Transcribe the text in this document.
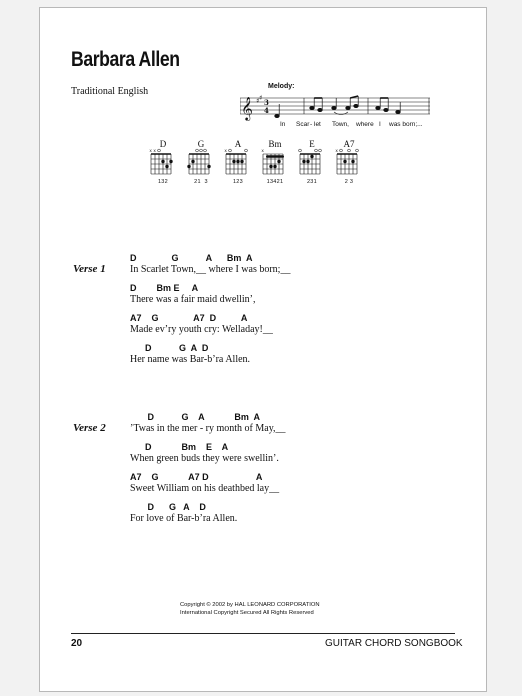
Barbara Allen
Traditional English	Melody:
𝄞 ♯ ♯ 3
4
In Scar - let Town, where I was born;...
D
x x
132
G
21  3
A
x
123
Bm
x
13421
E
231
A7
x
2 3
Verse 1
D              G           A      Bm  A
In Scarlet Town,__ where I was born;__
D        Bm E     A
There was a fair maid dwellin’,
A7    G              A7  D          A
Made ev’ry youth cry: Welladay!__
D           G  A  D
Her name was Bar-b’ra Allen.
Verse 2
D           G    A            Bm  A
’Twas in the mer - ry month of May,__
D            Bm    E    A
When green buds they were swellin’.
A7    G            A7 D                   A
Sweet William on his deathbed lay__
D      G   A    D
For love of Bar-b’ra Allen.
Copyright © 2002 by HAL LEONARD CORPORATION
International Copyright Secured All Rights Reserved
20	GUITAR CHORD SONGBOOK
